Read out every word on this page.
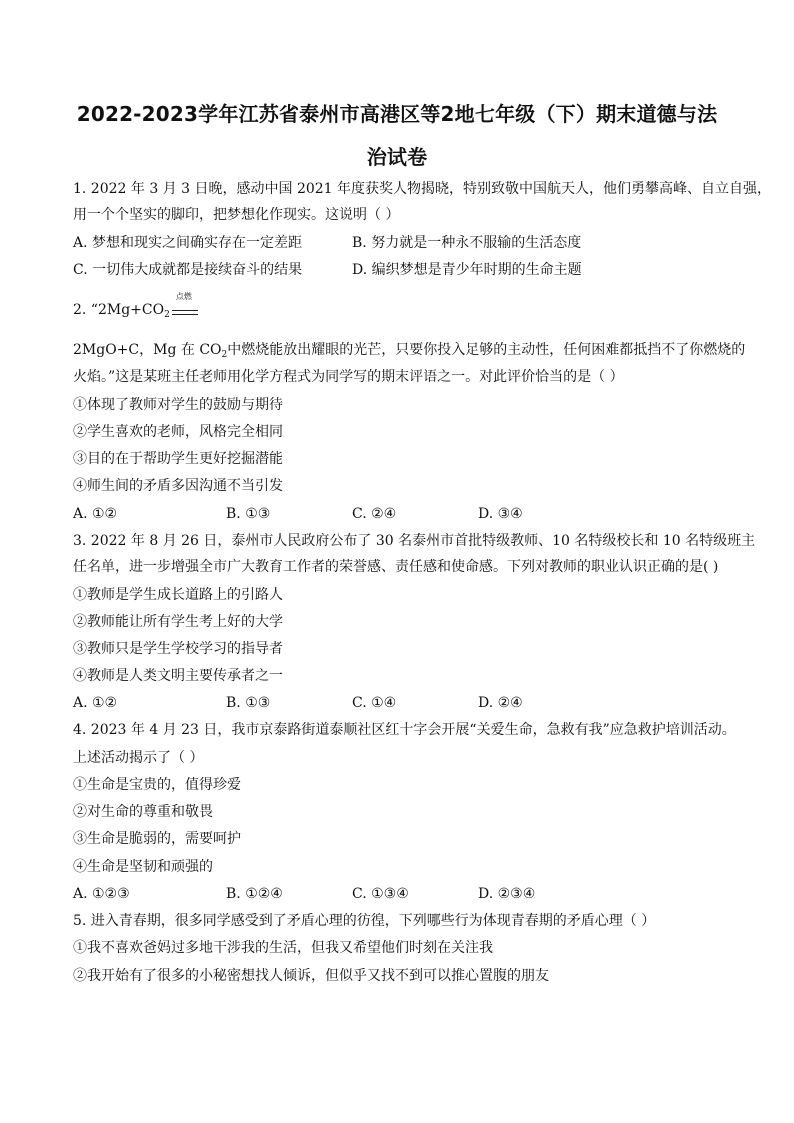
2022-2023学年江苏省泰州市高港区等2地七年级（下）期末道德与法
治试卷
1. 2022 年 3 月 3 日晚，感动中国 2021 年度获奖人物揭晓，特别致敬中国航天人，他们勇攀高峰、自立自强，
用一个个坚实的脚印，把梦想化作现实。这说明（ ）
A. 梦想和现实之间确实存在一定差距	B. 努力就是一种永不服输的生活态度
C. 一切伟大成就都是接续奋斗的结果	D. 编织梦想是青少年时期的生命主题
2. “$2Mg+CO_2$
点燃
2MgO+C，Mg 在 $CO_2$中燃烧能放出耀眼的光芒，只要你投入足够的主动性，任何困难都抵挡不了你燃烧的
火焰。”这是某班主任老师用化学方程式为同学写的期末评语之一。对此评价恰当的是（ ）
①体现了教师对学生的鼓励与期待
②学生喜欢的老师，风格完全相同
③目的在于帮助学生更好挖掘潜能
④师生间的矛盾多因沟通不当引发
A. ①②	B. ①③	C. ②④	D. ③④
3. 2022 年 8 月 26 日，泰州市人民政府公布了 30 名泰州市首批特级教师、10 名特级校长和 10 名特级班主
任名单，进一步增强全市广大教育工作者的荣誉感、责任感和使命感。下列对教师的职业认识正确的是( )
①教师是学生成长道路上的引路人
②教师能让所有学生考上好的大学
③教师只是学生学校学习的指导者
④教师是人类文明主要传承者之一
A. ①②	B. ①③	C. ①④	D. ②④
4. 2023 年 4 月 23 日，我市京泰路街道泰顺社区红十字会开展“关爱生命，急救有我”应急救护培训活动。
上述活动揭示了（ ）
①生命是宝贵的，值得珍爱
②对生命的尊重和敬畏
③生命是脆弱的，需要呵护
④生命是坚韧和顽强的
A. ①②③	B. ①②④	C. ①③④	D. ②③④
5. 进入青春期，很多同学感受到了矛盾心理的彷徨，下列哪些行为体现青春期的矛盾心理（ ）
①我不喜欢爸妈过多地干涉我的生活，但我又希望他们时刻在关注我
②我开始有了很多的小秘密想找人倾诉，但似乎又找不到可以推心置腹的朋友
